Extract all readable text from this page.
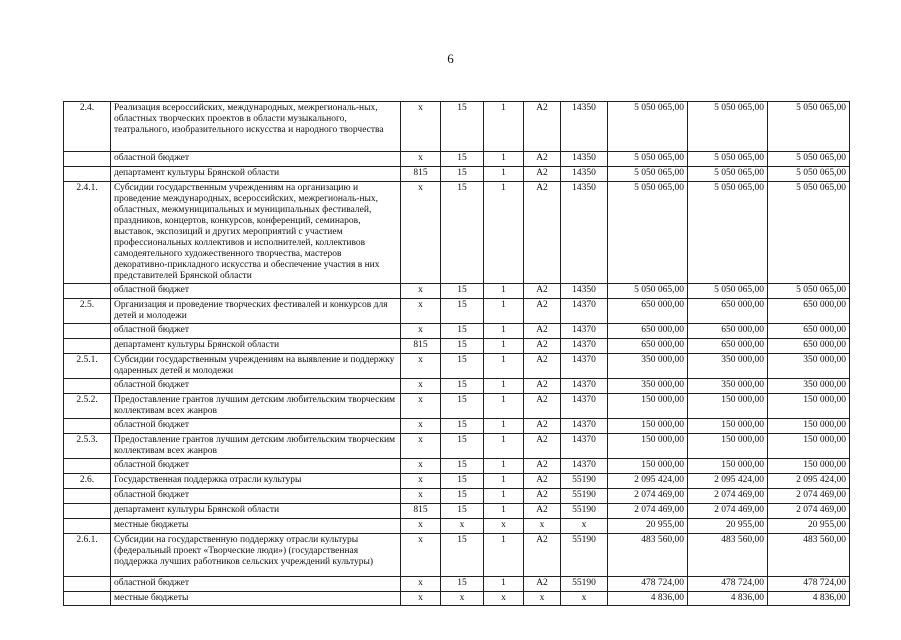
6
2.4.	Реализация всероссийских, международных, межрегиональ-ных, областных творческих проектов в области музыкального, театрального, изобразительного искусства и народного творчества	х	15	1	А2	14350	5 050 065,00	5 050 065,00	5 050 065,00
	областной бюджет	х	15	1	А2	14350	5 050 065,00	5 050 065,00	5 050 065,00
	департамент культуры Брянской области	815	15	1	А2	14350	5 050 065,00	5 050 065,00	5 050 065,00
2.4.1.	Субсидии государственным учреждениям на организацию и проведение международных, всероссийских, межрегиональ-ных, областных, межмуниципальных и муниципальных фестивалей, праздников, концертов, конкурсов, конференций, семинаров, выставок, экспозиций и других мероприятий с участием профессиональных коллективов и исполнителей, коллективов самодеятельного художественного творчества, мастеров декоративно-прикладного искусства и обеспечение участия в них представителей Брянской области	х	15	1	А2	14350	5 050 065,00	5 050 065,00	5 050 065,00
	областной бюджет	х	15	1	А2	14350	5 050 065,00	5 050 065,00	5 050 065,00
2.5.	Организация и проведение творческих фестивалей и конкурсов для детей и молодежи	х	15	1	А2	14370	650 000,00	650 000,00	650 000,00
	областной бюджет	х	15	1	А2	14370	650 000,00	650 000,00	650 000,00
	департамент культуры Брянской области	815	15	1	А2	14370	650 000,00	650 000,00	650 000,00
2.5.1.	Субсидии государственным учреждениям на выявление и поддержку одаренных детей и молодежи	х	15	1	А2	14370	350 000,00	350 000,00	350 000,00
	областной бюджет	х	15	1	А2	14370	350 000,00	350 000,00	350 000,00
2.5.2.	Предоставление грантов лучшим детским любительским творческим коллективам всех жанров	х	15	1	А2	14370	150 000,00	150 000,00	150 000,00
	областной бюджет	х	15	1	А2	14370	150 000,00	150 000,00	150 000,00
2.5.3.	Предоставление грантов лучшим детским любительским творческим коллективам всех жанров	х	15	1	А2	14370	150 000,00	150 000,00	150 000,00
	областной бюджет	х	15	1	А2	14370	150 000,00	150 000,00	150 000,00
2.6.	Государственная поддержка отрасли культуры	х	15	1	А2	55190	2 095 424,00	2 095 424,00	2 095 424,00
	областной бюджет	х	15	1	А2	55190	2 074 469,00	2 074 469,00	2 074 469,00
	департамент культуры Брянской области	815	15	1	А2	55190	2 074 469,00	2 074 469,00	2 074 469,00
	местные бюджеты	х	х	х	х	х	20 955,00	20 955,00	20 955,00
2.6.1.	Субсидии на государственную поддержку отрасли культуры (федеральный проект «Творческие люди») (государственная поддержка лучших работников сельских учреждений культуры)	х	15	1	А2	55190	483 560,00	483 560,00	483 560,00
	областной бюджет	х	15	1	А2	55190	478 724,00	478 724,00	478 724,00
	местные бюджеты	х	х	х	х	х	4 836,00	4 836,00	4 836,00
